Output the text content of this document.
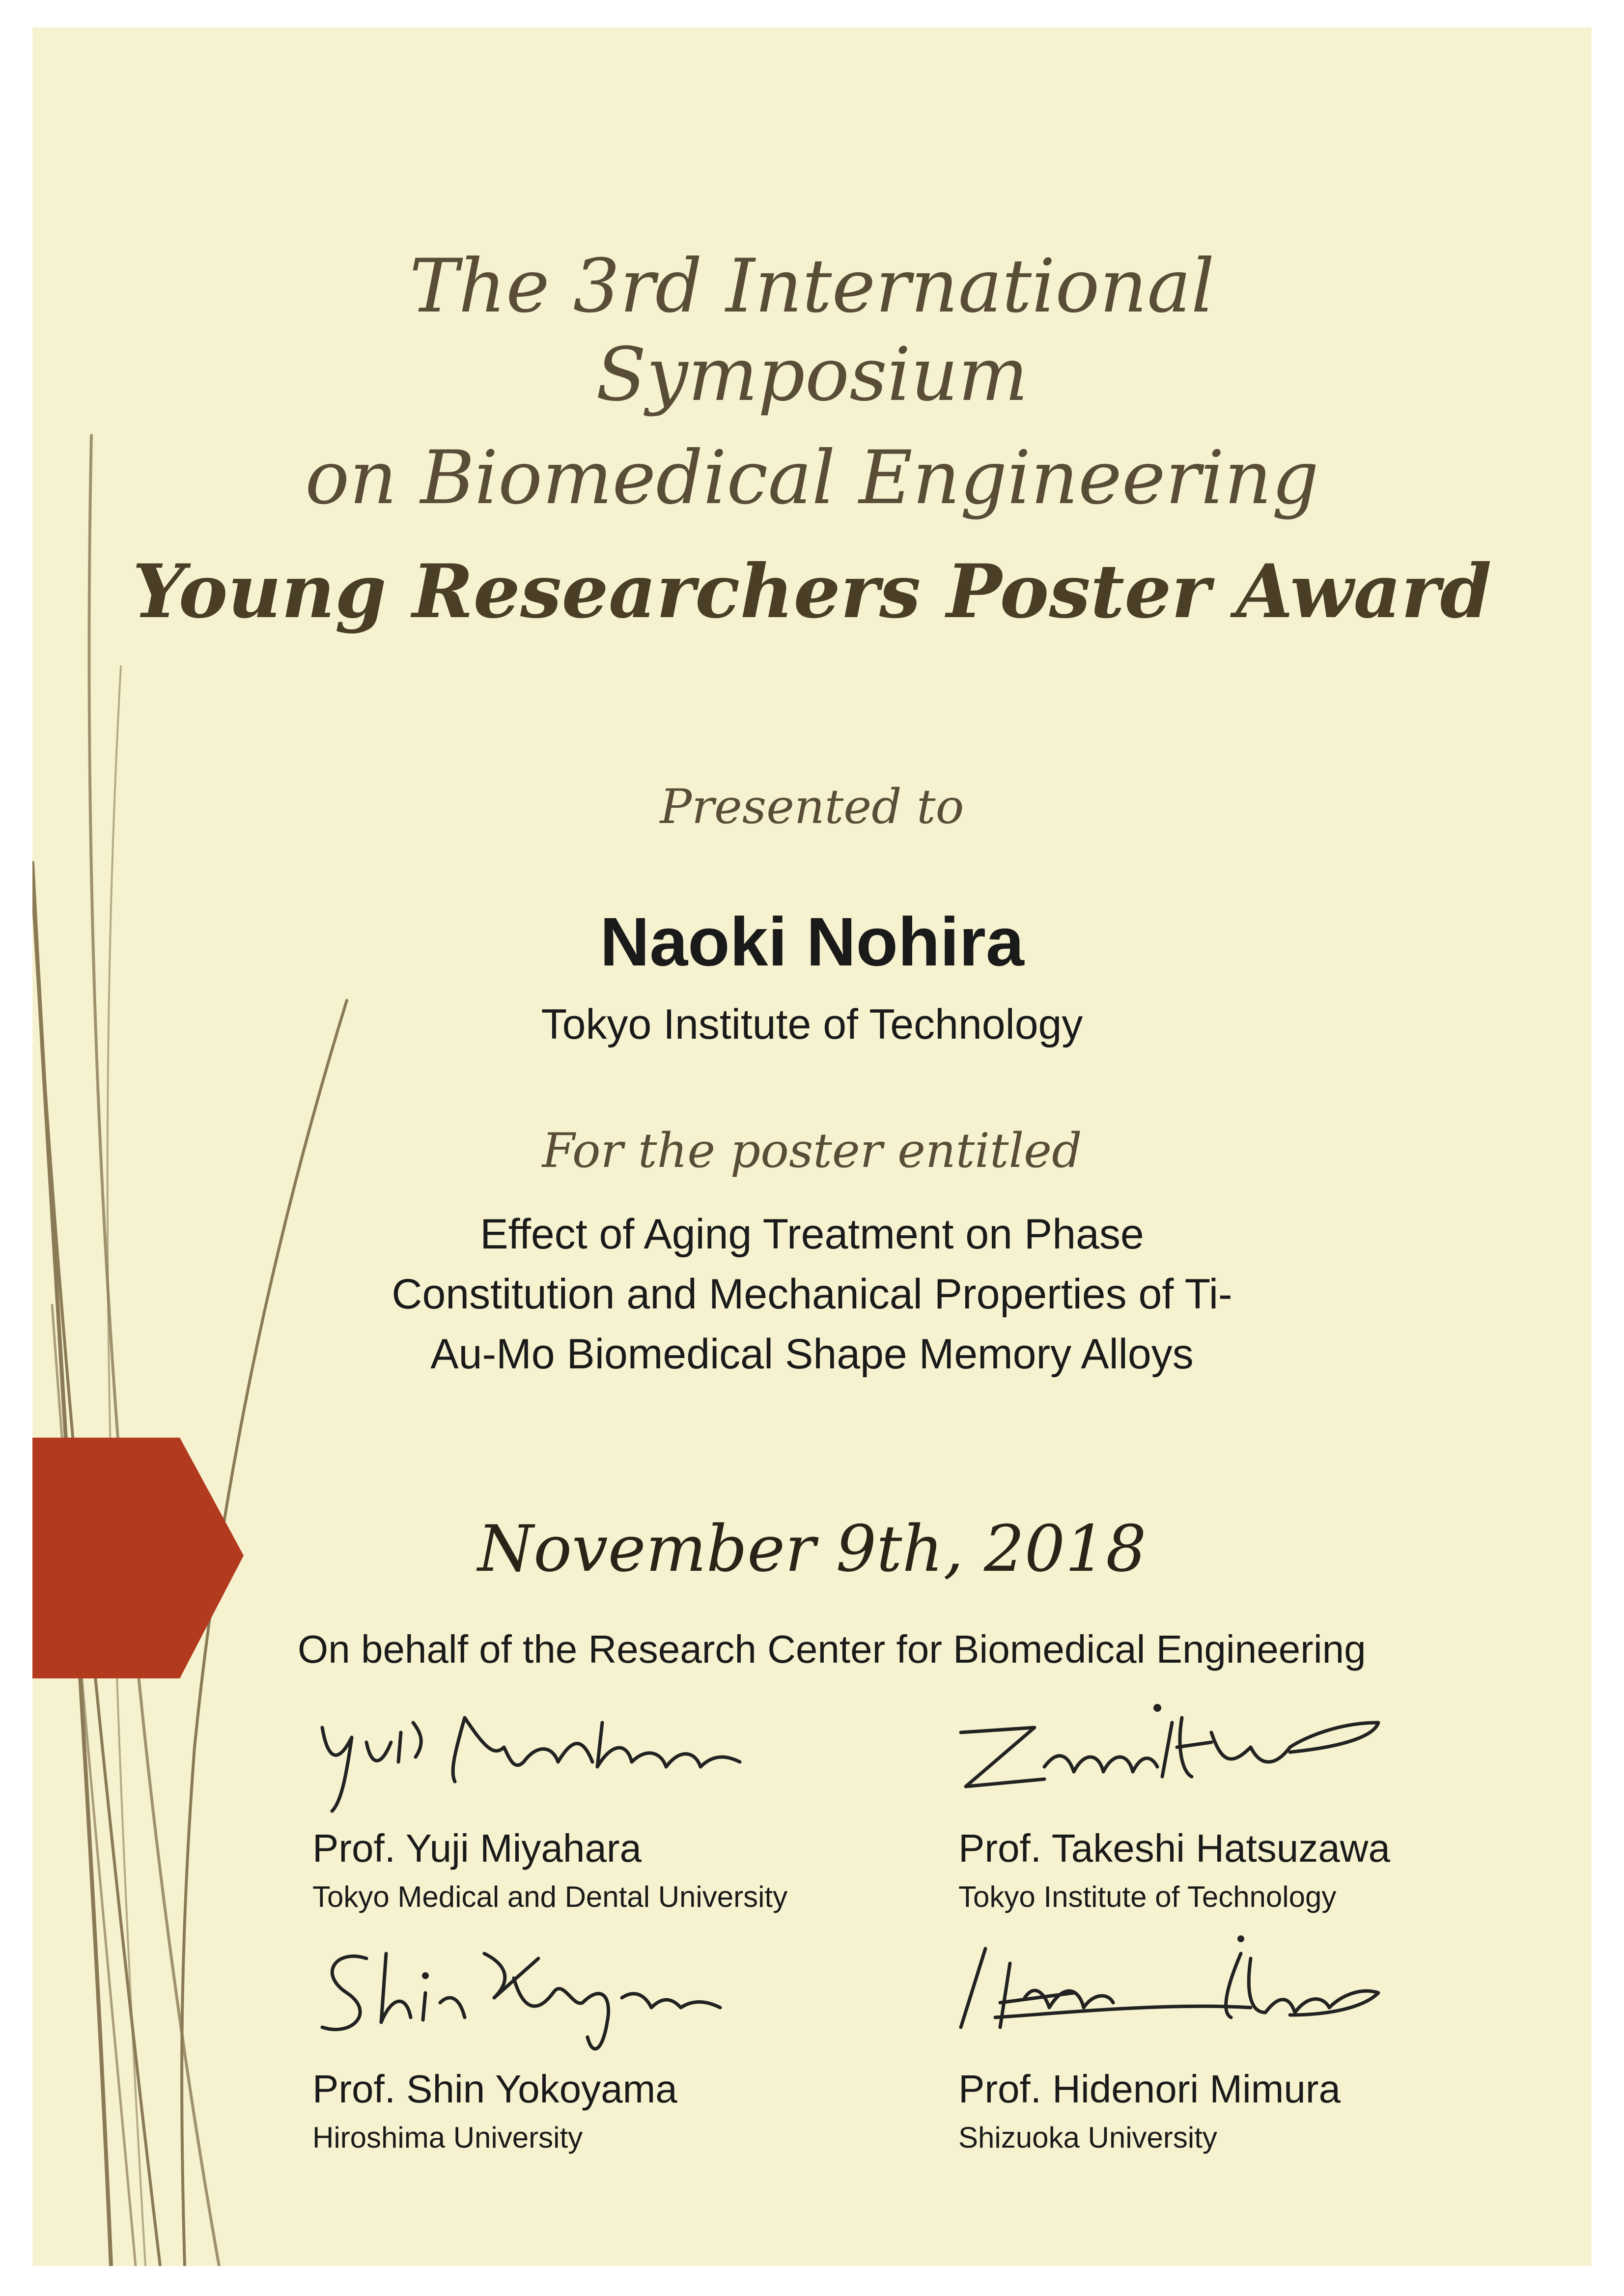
The 3rd International

Symposium

on Biomedical Engineering

Young Researchers Poster Award

Presented to

Naoki Nohira

Tokyo Institute of Technology

For the poster entitled

Effect of Aging Treatment on Phase
Constitution and Mechanical Properties of Ti-
Au-Mo Biomedical Shape Memory Alloys

November 9th, 2018

On behalf of the Research Center for Biomedical Engineering

Prof. Yuji Miyahara

Tokyo Medical and Dental University

Prof. Takeshi Hatsuzawa

Tokyo Institute of Technology

Prof. Shin Yokoyama

Hiroshima University

Prof. Hidenori Mimura

Shizuoka University
